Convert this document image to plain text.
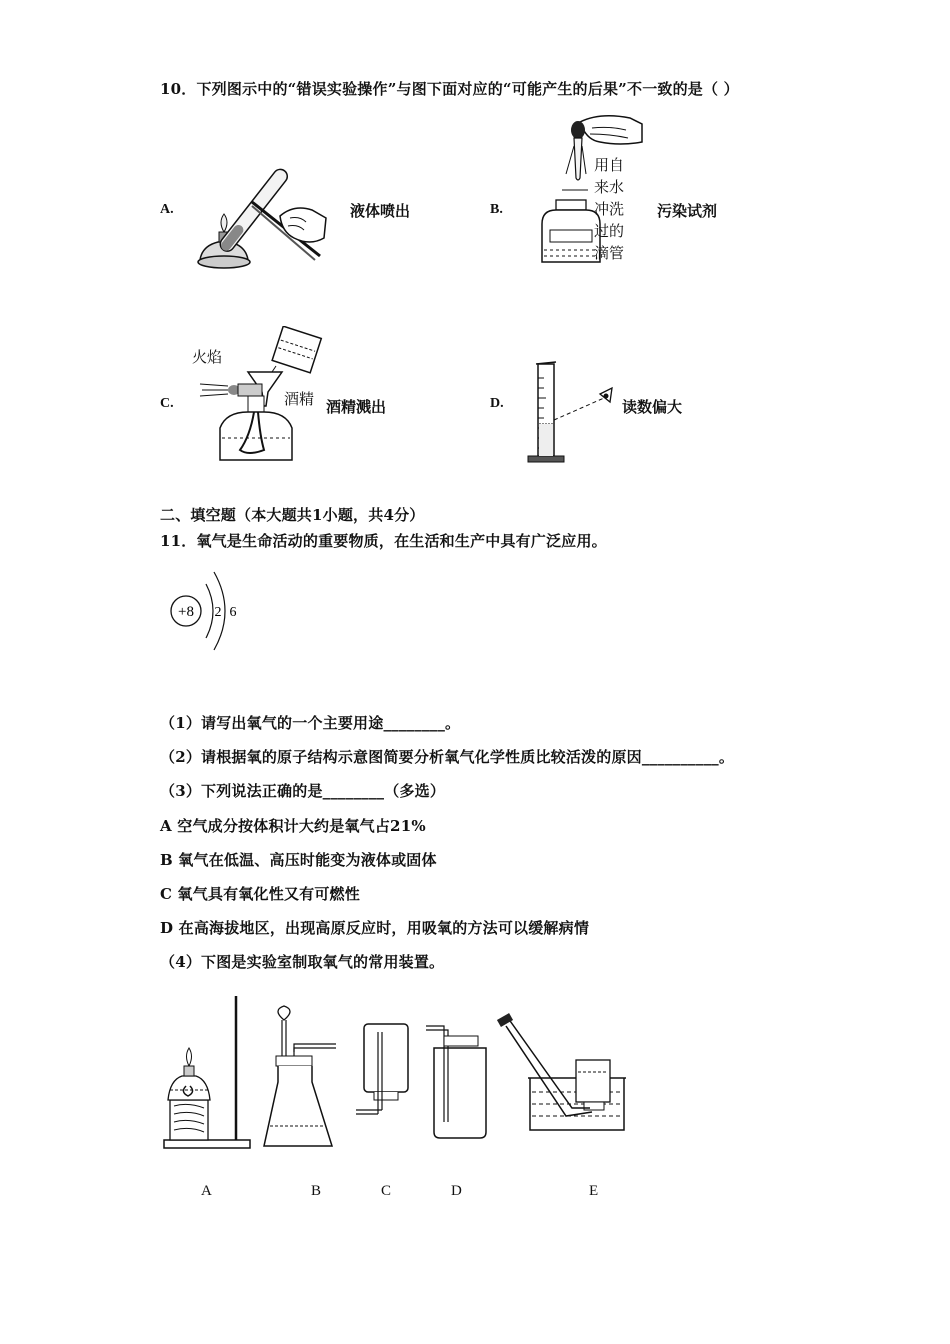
10．下列图示中的“错误实验操作”与图下面对应的“可能产生的后果”不一致的是（ ）
A.	液体喷出	B.
用自
来水
冲洗
过的
滴管
污染试剂
C.
火焰
酒精 酒精溅出	D.	读数偏大
二、填空题（本大题共1小题，共4分）
11．氧气是生命活动的重要物质，在生活和生产中具有广泛应用。
+8 2 6
（1）请写出氧气的一个主要用途________。
（2）请根据氧的原子结构示意图简要分析氧气化学性质比较活泼的原因__________。
（3）下列说法正确的是________（多选）
A 空气成分按体积计大约是氧气占21%
B 氧气在低温、高压时能变为液体或固体
C 氧气具有氧化性又有可燃性
D 在高海拔地区，出现高原反应时，用吸氧的方法可以缓解病情
（4）下图是实验室制取氧气的常用装置。
A	B	C	D	E
